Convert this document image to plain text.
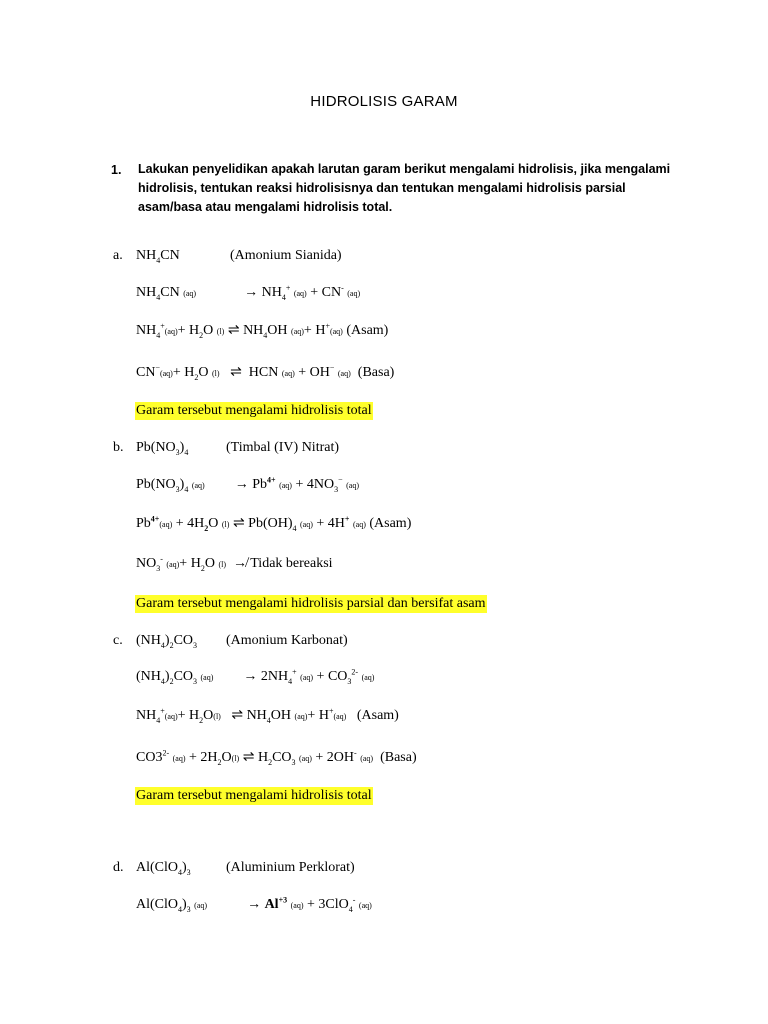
HIDROLISIS GARAM
1. Lakukan penyelidikan apakah larutan garam berikut mengalami hidrolisis, jika mengalami hidrolisis, tentukan reaksi hidrolisisnya dan tentukan mengalami hidrolisis parsial asam/basa atau mengalami hidrolisis total.
a. $NH_4CN$	(Amonium Sianida)
$NH_4CN$ (aq)	→ $NH_4^+$ (aq) + CN- (aq)
$NH_4^+(aq)+ H_2O$ (l) ⇌ $NH_4OH$ (aq)+ H+(aq) (Asam)
$CN^-(aq)+ H_2O$ (l)   ⇌  HCN (aq) + OH− (aq) (Basa)
Garam tersebut mengalami hidrolisis total
b. $Pb(NO_3)_4$	(Timbal (IV) Nitrat)
$Pb(NO_3)_4$ $(aq) \to Pb^{4+}$ $(aq) + 4NO_3^-$ (aq)
$Pb^{4+}(aq) + 4H_2O$ (l) ⇌ $Pb(OH)_4$ (aq) + 4H+ (aq) (Asam)
$NO_3^-$ $(aq)+ H_2O$ (l)  ↛ Tidak bereaksi
Garam tersebut mengalami hidrolisis parsial dan bersifat asam
c. $(NH_4)_2CO_3$ (Amonium Karbonat)
$(NH_4)_2CO_3$ $(aq) \to 2NH_4^+$ $(aq) + CO_3^{2-}$ (aq)
$NH_4^+(aq)+ H_2O(l)$   ⇌ $NH_4OH$ (aq)+ H+(aq) (Asam)
$CO3^{2-}$ $(aq) + 2H_2O(l)$ ⇌ $H_2CO_3$ (aq) + 2OH- (aq) (Basa)
Garam tersebut mengalami hidrolisis total
d. $Al(ClO_4)_3$	(Aluminium Perklorat)
$Al(ClO_4)_3$ (aq)	→ $Al^{+3}$ (aq) + 3ClO$_4$- (aq)
